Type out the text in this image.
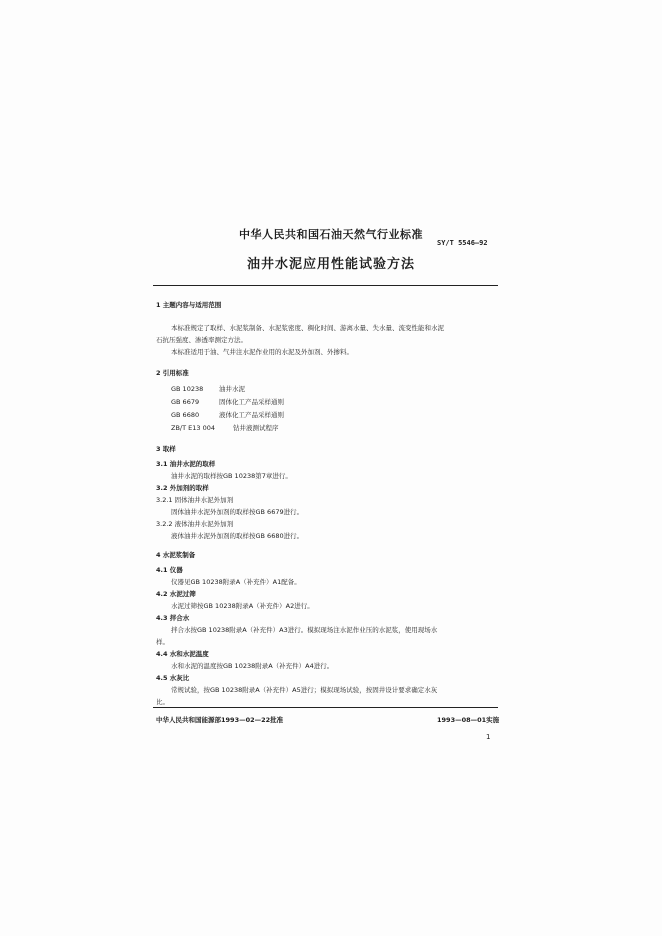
中华人民共和国石油天然气行业标准
SY/T 5546—92
油井水泥应用性能试验方法
1 主题内容与适用范围
本标准规定了取样、水泥浆制备、水泥浆密度、稠化时间、游离水量、失水量、流变性能和水泥
石抗压强度、渗透率测定方法。
本标准适用于油、气井注水泥作业用的水泥及外加剂、外掺料。
2 引用标准
GB 10238 油井水泥
GB 6679	固体化工产品采样通则
GB 6680	液体化工产品采样通则
ZB/T E13 004	钻井液测试程序
3 取样
3.1 油井水泥的取样
油井水泥的取样按GB 10238第7章进行。
3.2 外加剂的取样
3.2.1 固体油井水泥外加剂
固体油井水泥外加剂的取样按GB 6679进行。
3.2.2 液体油井水泥外加剂
液体油井水泥外加剂的取样按GB 6680进行。
4 水泥浆制备
4.1 仪器
仪器见GB 10238附录A（补充件）A1配备。
4.2 水泥过筛
水泥过筛按GB 10238附录A（补充件）A2进行。
4.3 拌合水
拌合水按GB 10238附录A（补充件）A3进行。模拟现场注水泥作业压的水泥浆，使用现场水
样。
4.4 水和水泥温度
水和水泥的温度按GB 10238附录A（补充件）A4进行。
4.5 水灰比
常规试验，按GB 10238附录A（补充件）A5进行；模拟现场试验，按固井设计要求确定水灰
比。
中华人民共和国能源部1993—02—22批准	1993—08—01实施
1
